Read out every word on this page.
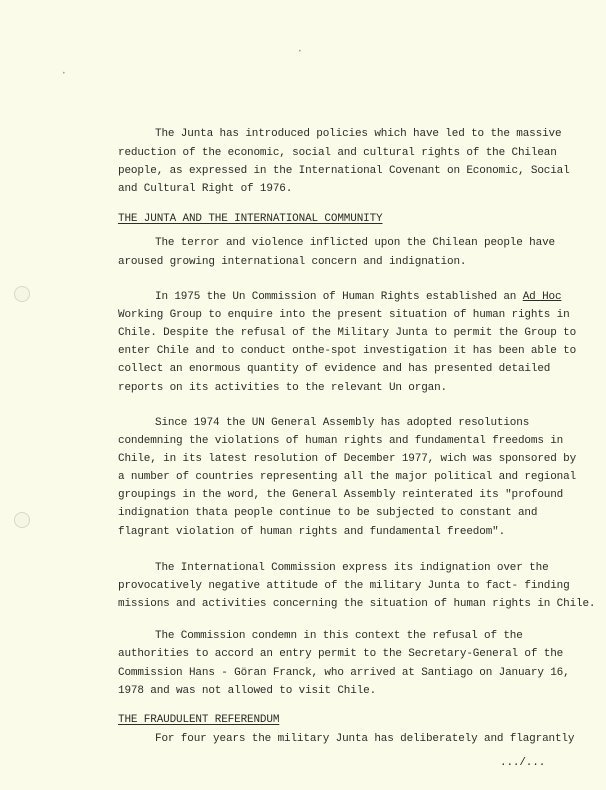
•
•
The Junta has introduced policies which have led to the massive
reduction of the economic, social and cultural rights of the Chilean
people, as expressed in the International Covenant on Economic, Social
and Cultural Right of 1976.
THE JUNTA AND THE INTERNATIONAL COMMUNITY
The terror and violence inflicted upon the Chilean people have
aroused growing international concern and indignation.
In 1975 the Un Commission of Human Rights established an Ad Hoc
Working Group to enquire into the present situation of human rights in
Chile. Despite the refusal of the Military Junta to permit the Group to
enter Chile and to conduct onthe-spot investigation it has been able to
collect an enormous quantity of evidence and has presented detailed
reports on its activities to the relevant Un organ.
Since 1974 the UN General Assembly has adopted resolutions
condemning the violations of human rights and fundamental freedoms in
Chile, in its latest resolution of December 1977, wich was sponsored by
a number of countries representing all the major political and regional
groupings in the word, the General Assembly reinterated its "profound
indignation thata people continue to be subjected to constant and
flagrant violation of human rights and fundamental freedom".
The International Commission express its indignation over the
provocatively negative attitude of the military Junta to fact- finding
missions and activities concerning the situation of human rights in Chile.
The Commission condemn in this context the refusal of the
authorities to accord an entry permit to the Secretary-General of the
Commission Hans - Göran Franck, who arrived at Santiago on January 16,
1978 and was not allowed to visit Chile.
THE FRAUDULENT REFERENDUM
For four years the military Junta has deliberately and flagrantly
.../...
